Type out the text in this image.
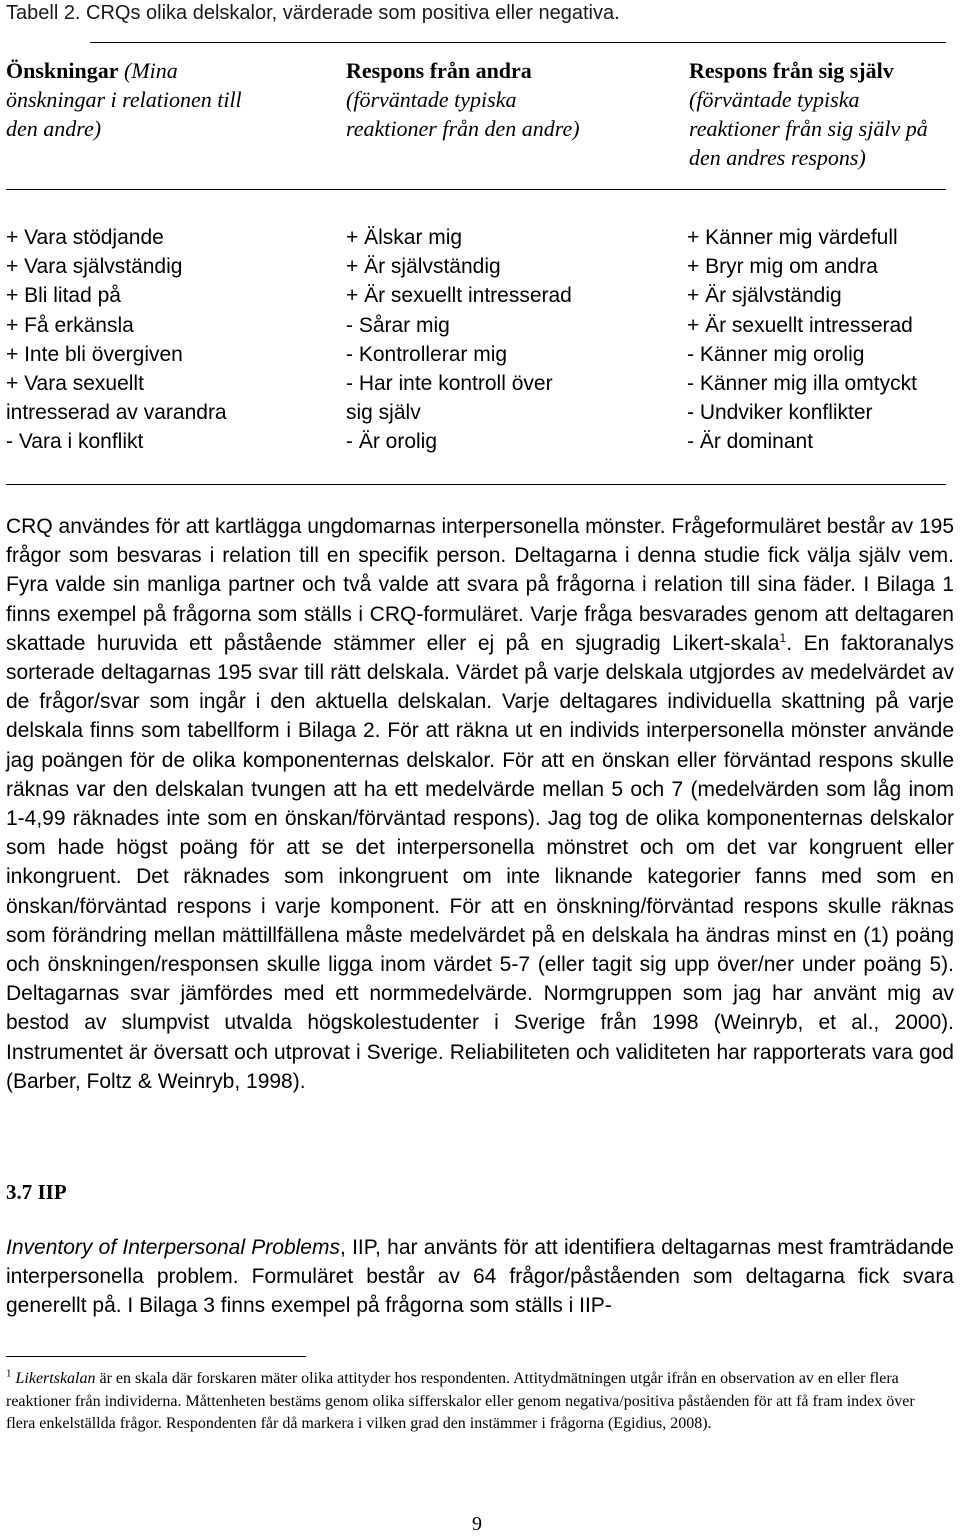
Tabell 2. CRQs olika delskalor, värderade som positiva eller negativa.
Önskningar (Mina önskningar i relationen till den andre)
Respons från andra
(förväntade typiska reaktioner från den andre)
Respons från sig själv
(förväntade typiska reaktioner från sig själv på den andres respons)
+ Vara stödjande
+ Vara självständig
+ Bli litad på
+ Få erkänsla
+ Inte bli övergiven
+ Vara sexuellt
intresserad av varandra
- Vara i konflikt
+ Älskar mig
+ Är självständig
+ Är sexuellt intresserad
- Sårar mig
- Kontrollerar mig
- Har inte kontroll över
sig själv
- Är orolig
+ Känner mig värdefull
+ Bryr mig om andra
+ Är självständig
+ Är sexuellt intresserad
- Känner mig orolig
- Känner mig illa omtyckt
- Undviker konflikter
- Är dominant

CRQ användes för att kartlägga ungdomarnas interpersonella mönster. Frågeformuläret består av 195 frågor som besvaras i relation till en specifik person. Deltagarna i denna studie fick välja själv vem. Fyra valde sin manliga partner och två valde att svara på frågorna i relation till sina fäder. I Bilaga 1 finns exempel på frågorna som ställs i CRQ-formuläret. Varje fråga besvarades genom att deltagaren skattade huruvida ett påstående stämmer eller ej på en sjugradig Likert-skala$^1$. En faktoranalys sorterade deltagarnas 195 svar till rätt delskala. Värdet på varje delskala utgjordes av medelvärdet av de frågor/svar som ingår i den aktuella delskalan. Varje deltagares individuella skattning på varje delskala finns som tabellform i Bilaga 2. För att räkna ut en individs interpersonella mönster använde jag poängen för de olika komponenternas delskalor. För att en önskan eller förväntad respons skulle räknas var den delskalan tvungen att ha ett medelvärde mellan 5 och 7 (medelvärden som låg inom 1-4,99 räknades inte som en önskan/förväntad respons). Jag tog de olika komponenternas delskalor som hade högst poäng för att se det interpersonella mönstret och om det var kongruent eller inkongruent. Det räknades som inkongruent om inte liknande kategorier fanns med som en önskan/förväntad respons i varje komponent. För att en önskning/förväntad respons skulle räknas som förändring mellan mättillfällena måste medelvärdet på en delskala ha ändras minst en (1) poäng och önskningen/responsen skulle ligga inom värdet 5-7 (eller tagit sig upp över/ner under poäng 5). Deltagarnas svar jämfördes med ett normmedelvärde. Normgruppen som jag har använt mig av bestod av slumpvist utvalda högskolestudenter i Sverige från 1998 (Weinryb, et al., 2000). Instrumentet är översatt och utprovat i Sverige. Reliabiliteten och validiteten har rapporterats vara god (Barber, Foltz & Weinryb, 1998).

3.7 IIP

Inventory of Interpersonal Problems, IIP, har använts för att identifiera deltagarnas mest framträdande interpersonella problem. Formuläret består av 64 frågor/påståenden som deltagarna fick svara generellt på. I Bilaga 3 finns exempel på frågorna som ställs i IIP-

$^1$ Likertskalan är en skala där forskaren mäter olika attityder hos respondenten. Attitydmätningen utgår ifrån en observation av en eller flera reaktioner från individerna. Måttenheten bestäms genom olika sifferskalor eller genom negativa/positiva påståenden för att få fram index över flera enkelställda frågor. Respondenten får då markera i vilken grad den instämmer i frågorna (Egidius, 2008).

9
